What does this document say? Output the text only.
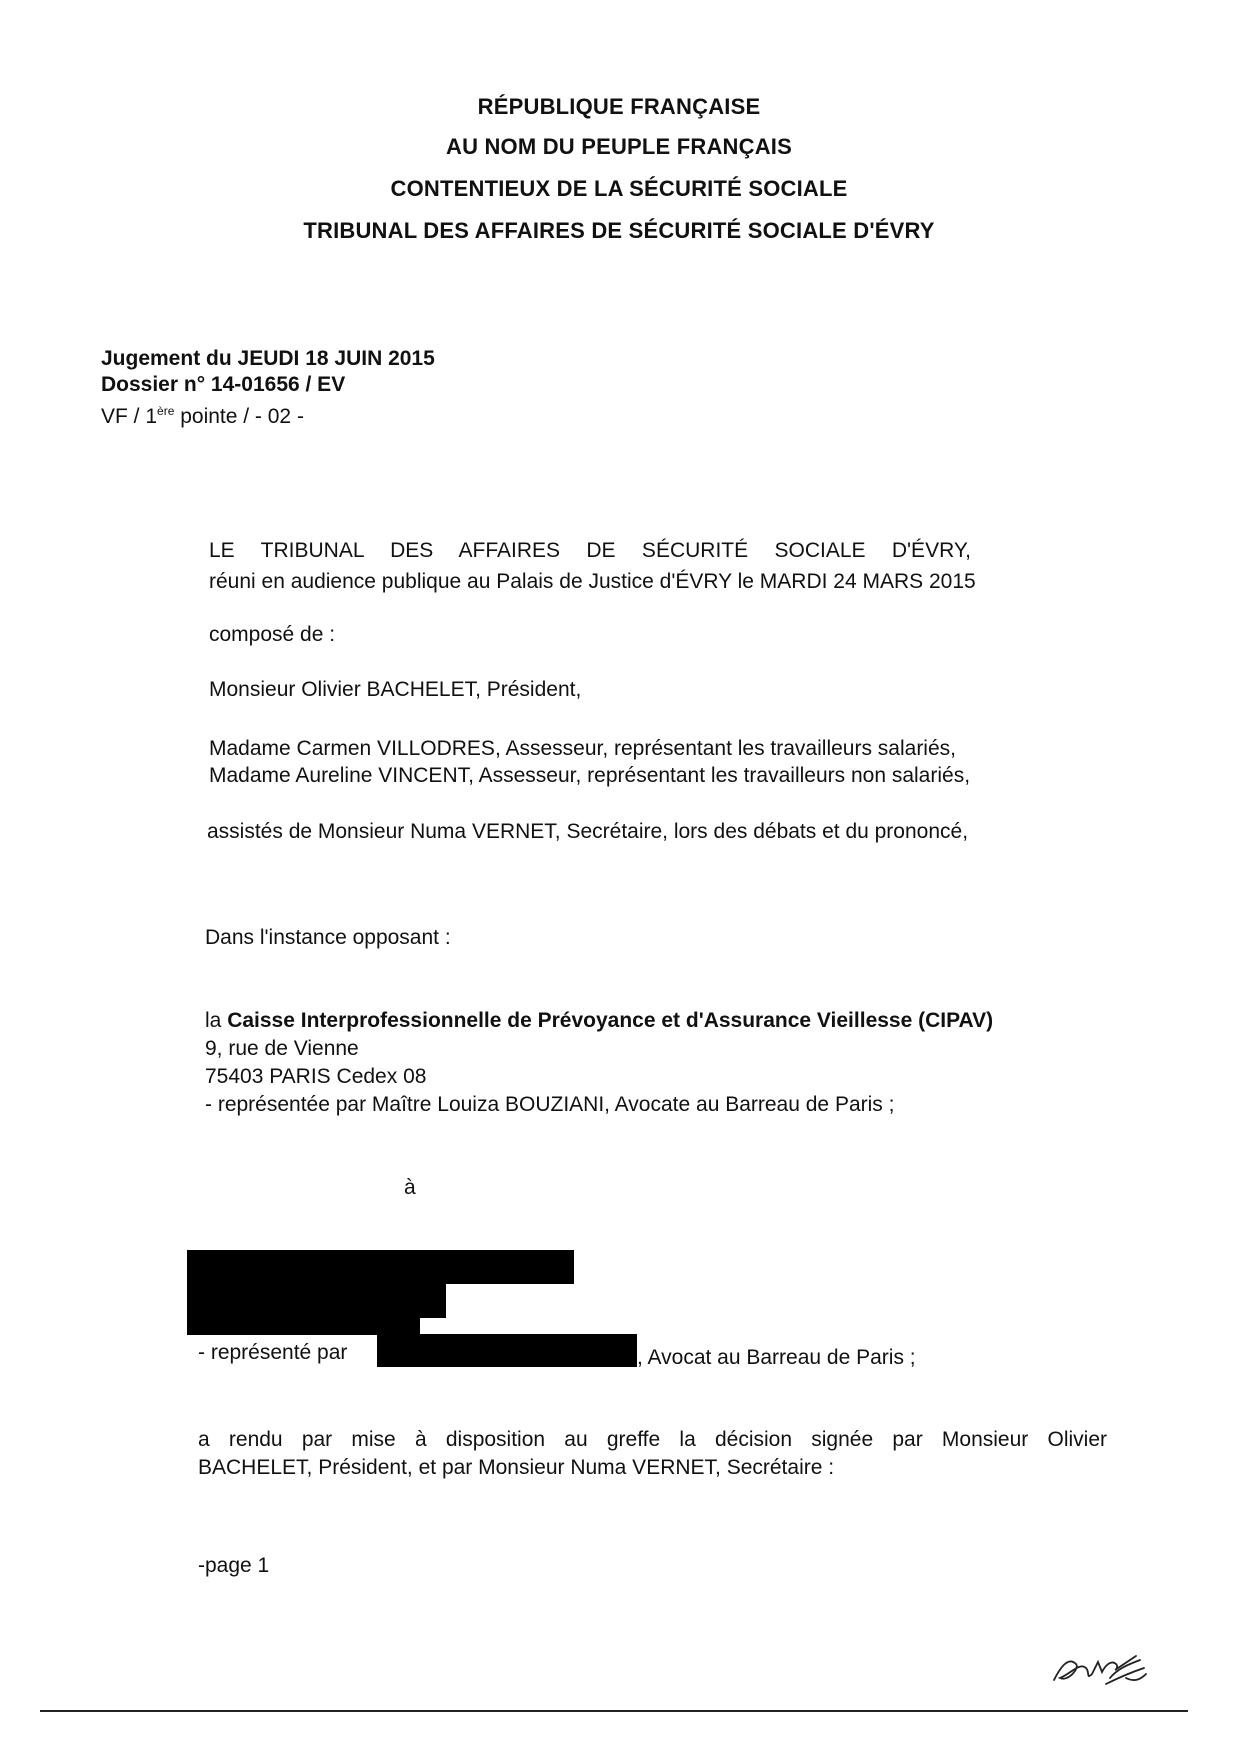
RÉPUBLIQUE FRANÇAISE
AU NOM DU PEUPLE FRANÇAIS
CONTENTIEUX DE LA SÉCURITÉ SOCIALE
TRIBUNAL DES AFFAIRES DE SÉCURITÉ SOCIALE D'ÉVRY
Jugement du JEUDI 18 JUIN 2015
Dossier n° 14-01656 / EV
VF / 1ère pointe / - 02 -
LE TRIBUNAL DES AFFAIRES DE SÉCURITÉ SOCIALE D'ÉVRY,
réuni en audience publique au Palais de Justice d'ÉVRY le MARDI 24 MARS 2015
composé de :
Monsieur Olivier BACHELET, Président,
Madame Carmen VILLODRES, Assesseur, représentant les travailleurs salariés,
Madame Aureline VINCENT, Assesseur, représentant les travailleurs non salariés,
assistés de Monsieur Numa VERNET, Secrétaire, lors des débats et du prononcé,
Dans l'instance opposant :
la Caisse Interprofessionnelle de Prévoyance et d'Assurance Vieillesse (CIPAV)
9, rue de Vienne
75403 PARIS Cedex 08
- représentée par Maître Louiza BOUZIANI, Avocate au Barreau de Paris ;
à
- représenté par	, Avocat au Barreau de Paris ;
a rendu par mise à disposition au greffe la décision signée par Monsieur Olivier
BACHELET, Président, et par Monsieur Numa VERNET, Secrétaire :
-page 1
